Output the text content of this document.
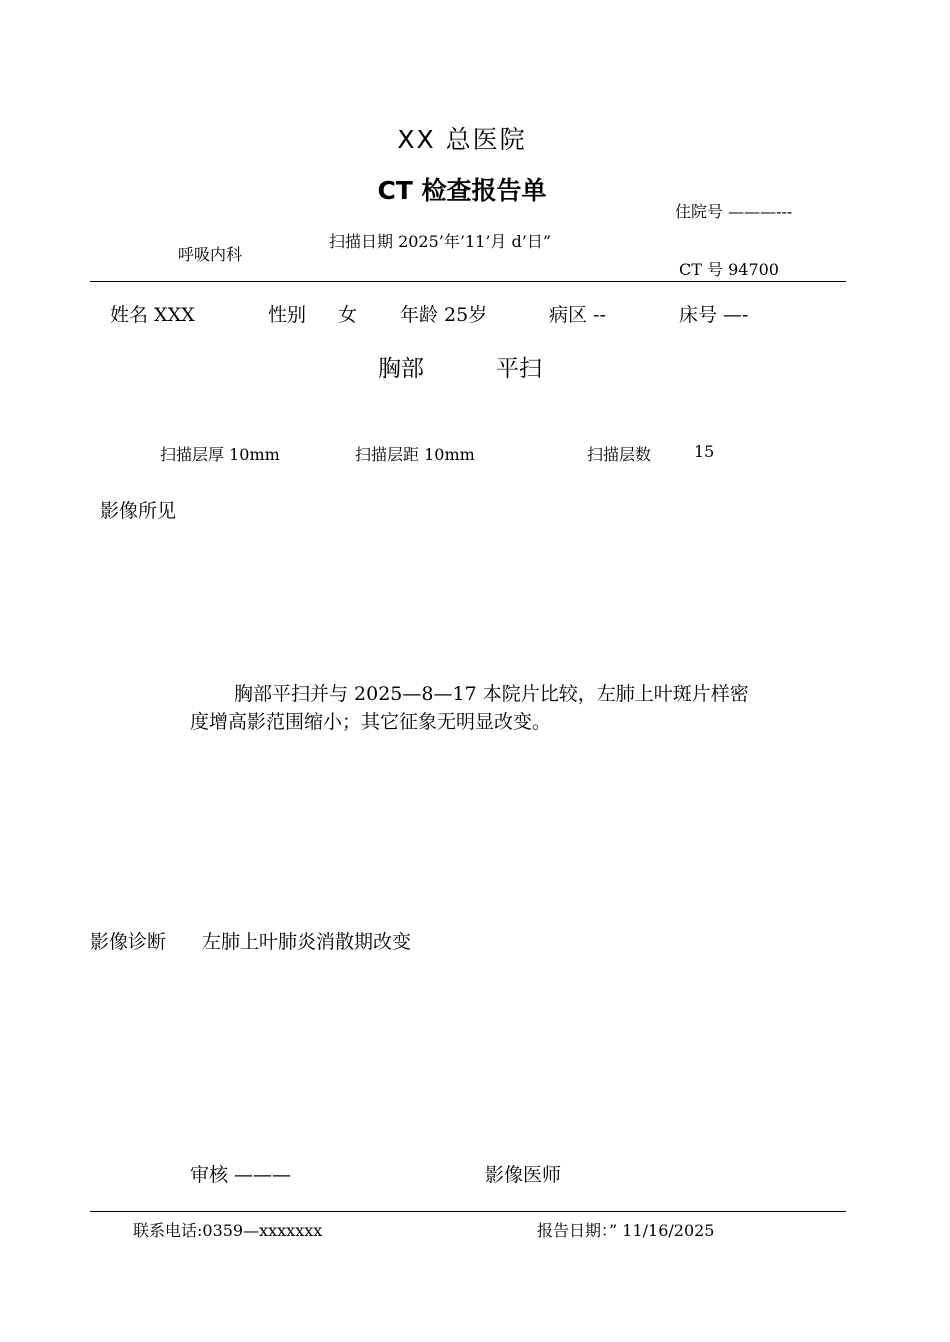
XX 总医院
CT 检查报告单
住院号 ———---
呼吸内科
扫描日期 2025’年’11’月 d’日”
CT 号 94700
姓名 XXX	性别 女 年龄 25岁	病区 --	床号 —-
胸部	平扫
扫描层厚 10mm	扫描层距 10mm	扫描层数	15
影像所见
胸部平扫并与 2025—8—17 本院片比较，左肺上叶斑片样密度增高影范围缩小；其它征象无明显改变。
影像诊断 左肺上叶肺炎消散期改变
审核 ———	影像医师
联系电话:0359—xxxxxxx	报告日期：” 11/16/2025
